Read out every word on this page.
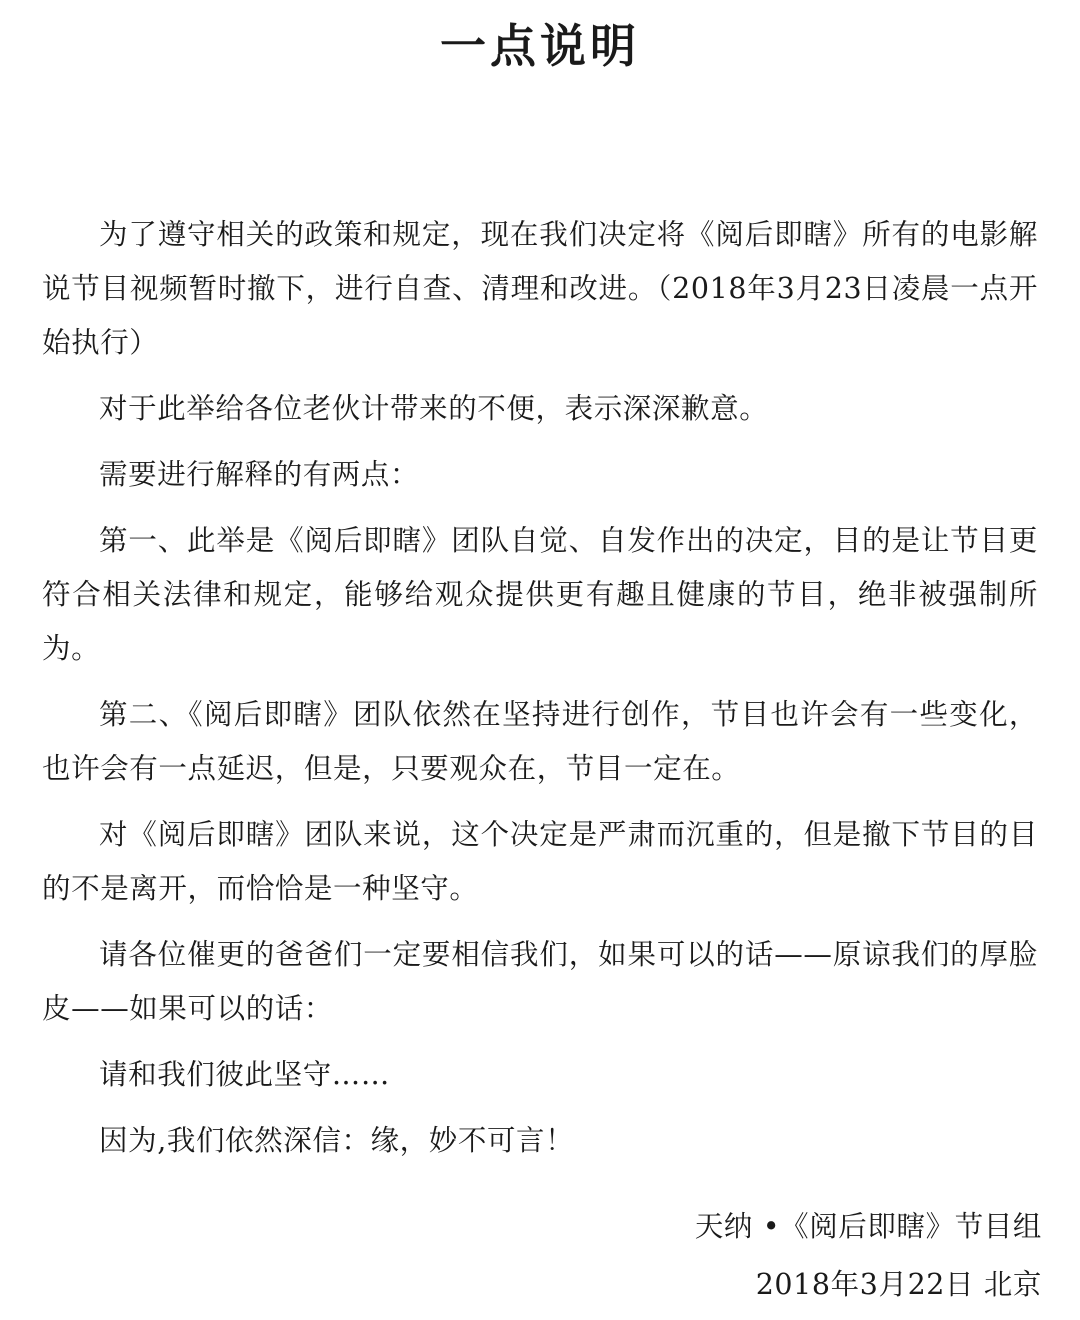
一点说明

为了遵守相关的政策和规定，现在我们决定将《阅后即瞎》所有的电影解说节目视频暂时撤下，进行自查、清理和改进。（2018年3月23日凌晨一点开始执行）

对于此举给各位老伙计带来的不便，表示深深歉意。

需要进行解释的有两点：

第一、此举是《阅后即瞎》团队自觉、自发作出的决定，目的是让节目更符合相关法律和规定，能够给观众提供更有趣且健康的节目，绝非被强制所为。

第二、《阅后即瞎》团队依然在坚持进行创作，节目也许会有一些变化，也许会有一点延迟，但是，只要观众在，节目一定在。

对《阅后即瞎》团队来说，这个决定是严肃而沉重的，但是撤下节目的目的不是离开，而恰恰是一种坚守。

请各位催更的爸爸们一定要相信我们，如果可以的话——原谅我们的厚脸皮——如果可以的话：

请和我们彼此坚守……

因为,我们依然深信：缘，妙不可言！

天纳 •《阅后即瞎》节目组

2018年3月22日 北京
